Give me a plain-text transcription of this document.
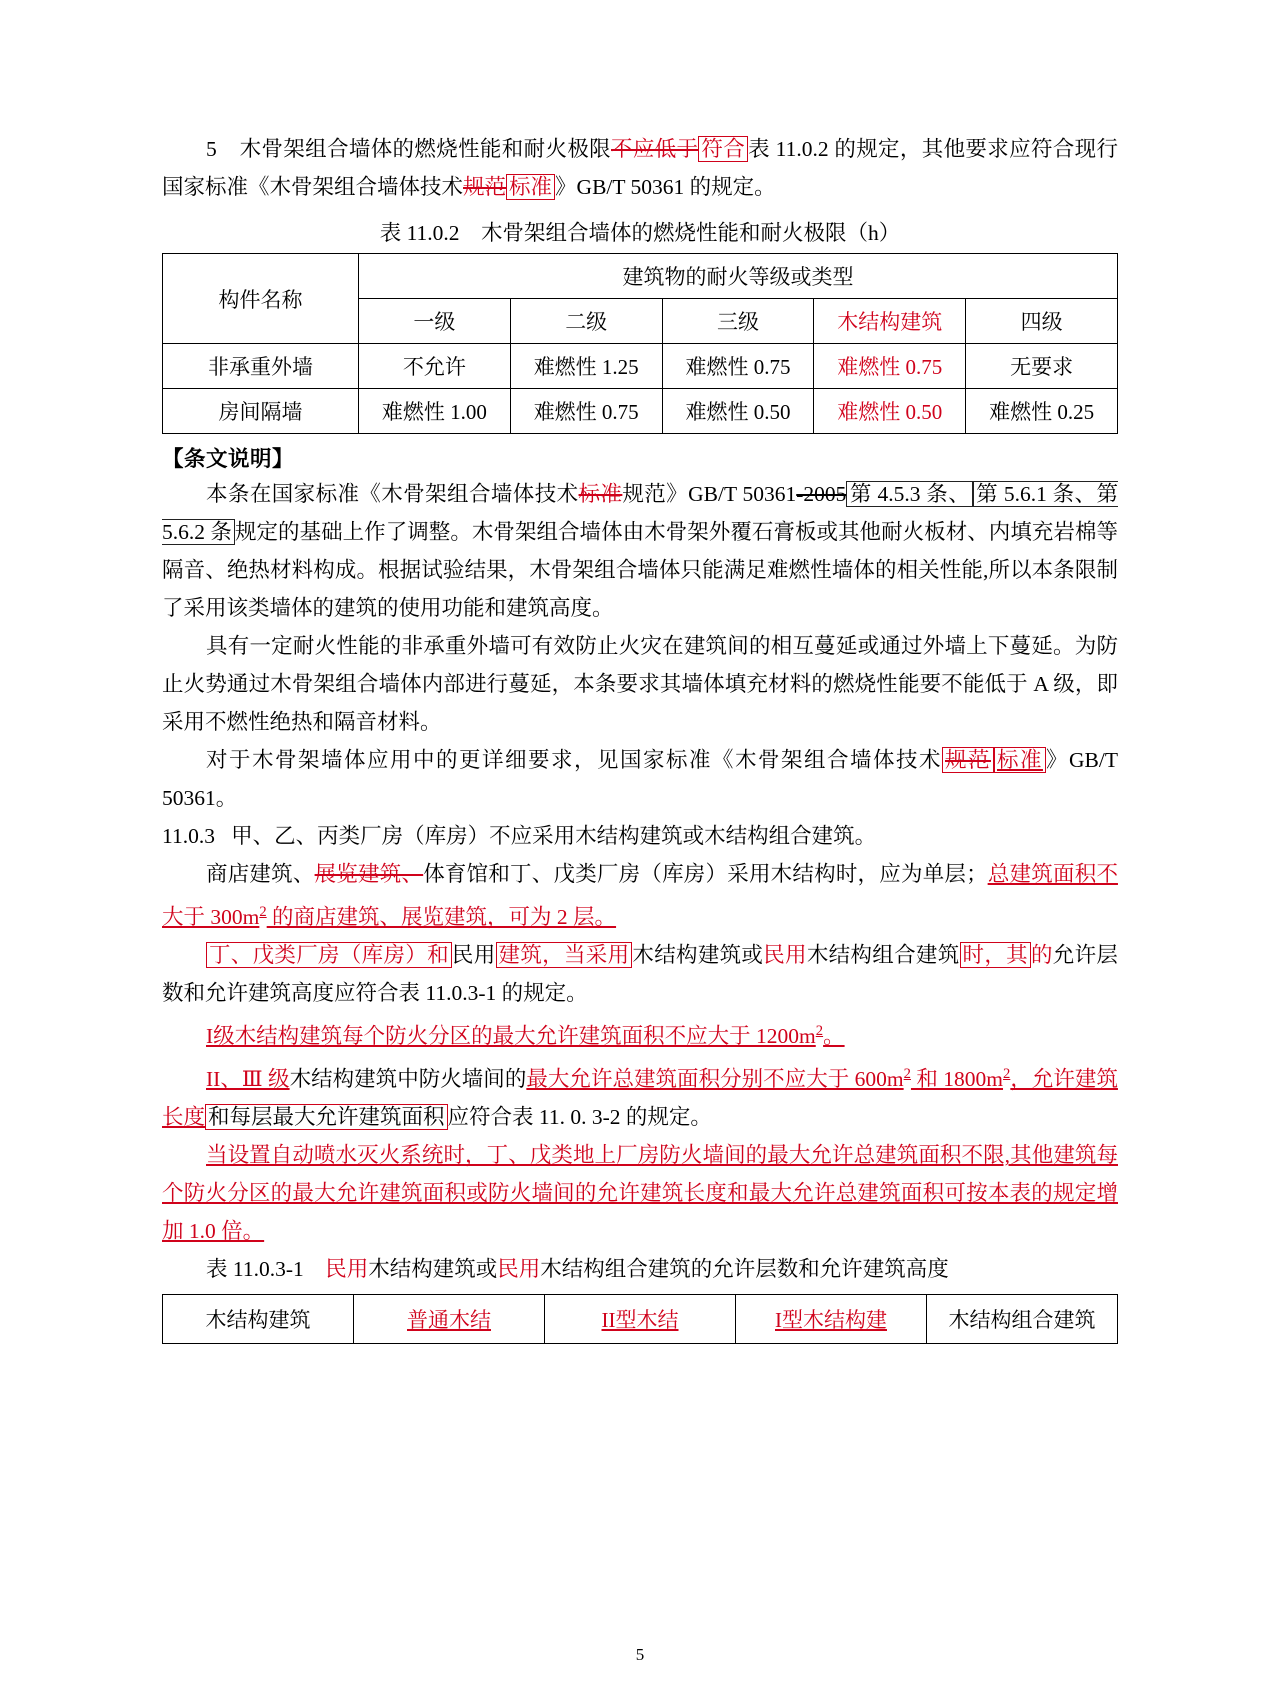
5 木骨架组合墙体的燃烧性能和耐火极限不应低于 符合 表 11.0.2 的规定，其他要求应符合现行国家标准《木骨架组合墙体技术规范 标准 》GB/T 50361 的规定。

表 11.0.2　木骨架组合墙体的燃烧性能和耐火极限（h）
构件名称	建筑物的耐火等级或类型				
	一级	二级	三级	木结构建筑	四级
非承重外墙	不允许	难燃性 1.25	难燃性 0.75	难燃性 0.75	无要求
房间隔墙	难燃性 1.00	难燃性 0.75	难燃性 0.50	难燃性 0.50	难燃性 0.25
【条文说明】

本条在国家标准《木骨架组合墙体技术标准规范》GB/T 50361-2005 第 4.5.3 条、 第 5.6.1 条、第 5.6.2 条 规定的基础上作了调整。木骨架组合墙体由木骨架外覆石膏板或其他耐火板材、内填充岩棉等隔音、绝热材料构成。根据试验结果，木骨架组合墙体只能满足难燃性墙体的相关性能,所以本条限制了采用该类墙体的建筑的使用功能和建筑高度。

具有一定耐火性能的非承重外墙可有效防止火灾在建筑间的相互蔓延或通过外墙上下蔓延。为防止火势通过木骨架组合墙体内部进行蔓延，本条要求其墙体填充材料的燃烧性能要不能低于 A 级，即采用不燃性绝热和隔音材料。

对于木骨架墙体应用中的更详细要求，见国家标准《木骨架组合墙体技术 规范 标准 》GB/T 50361。

11.0.3 甲、乙、丙类厂房（库房）不应采用木结构建筑或木结构组合建筑。

商店建筑、展览建筑、体育馆和丁、戊类厂房（库房）采用木结构时，应为单层；总建筑面积不大于 $300m^2$ 的商店建筑、展览建筑，可为 2 层。

丁、戊类厂房（库房）和 民用 建筑，当采用 木结构建筑或民用木结构组合建筑 时，其 的允许层数和允许建筑高度应符合表 11.0.3-1 的规定。

I级木结构建筑每个防火分区的最大允许建筑面积不应大于 $1200m^2$。

II、Ⅲ 级木结构建筑中防火墙间的最大允许总建筑面积分别不应大于 $600m^2$ 和 $1800m^2$，允许建筑长度 和每层最大允许建筑面积 应符合表 11. 0. 3-2 的规定。

当设置自动喷水灭火系统时，丁、戊类地上厂房防火墙间的最大允许总建筑面积不限,其他建筑每个防火分区的最大允许建筑面积或防火墙间的允许建筑长度和最大允许总建筑面积可按本表的规定增加 1.0 倍。

表 11.0.3-1　民用木结构建筑或民用木结构组合建筑的允许层数和允许建筑高度

木结构建筑	普通木结	II型木结	I型木结构建	木结构组合建筑
5
